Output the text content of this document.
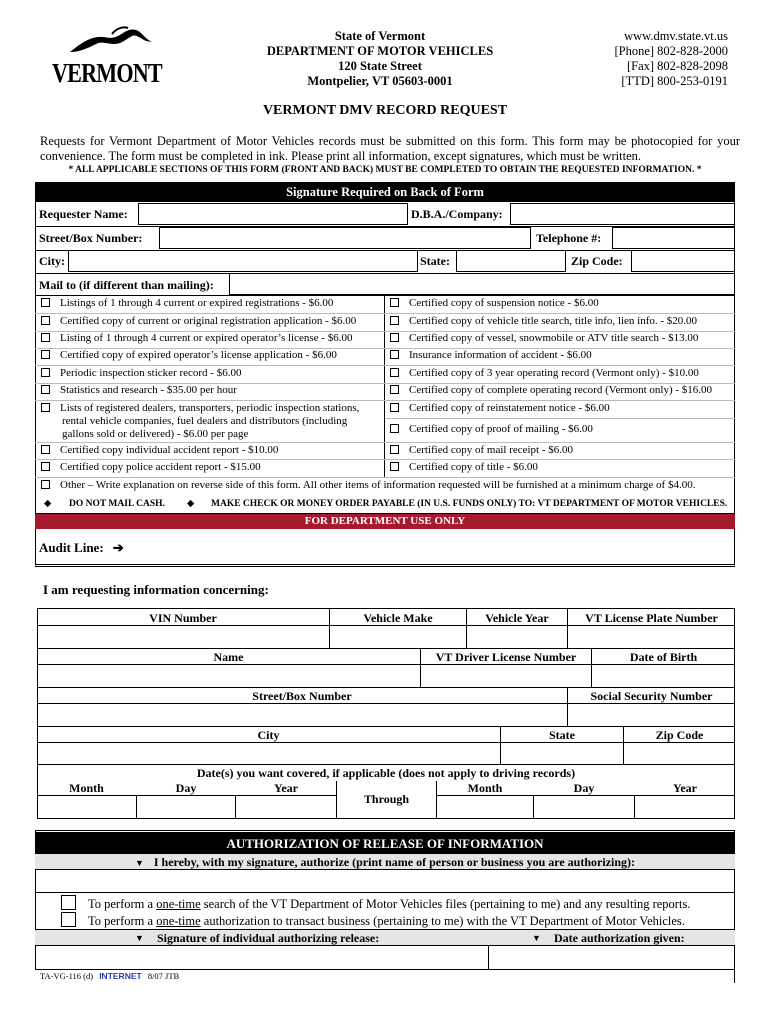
VERMONT
State of Vermont
DEPARTMENT OF MOTOR VEHICLES
120 State Street
Montpelier, VT 05603-0001
www.dmv.state.vt.us
[Phone] 802-828-2000
[Fax] 802-828-2098
[TTD] 800-253-0191
VERMONT DMV RECORD REQUEST
Requests for Vermont Department of Motor Vehicles records must be submitted on this form. This form may be photocopied for your convenience. The form must be completed in ink. Please print all information, except signatures, which must be written.
* ALL APPLICABLE SECTIONS OF THIS FORM (FRONT AND BACK) MUST BE COMPLETED TO OBTAIN THE REQUESTED INFORMATION. *
Signature Required on Back of Form
Requester Name:	D.B.A./Company:
Street/Box Number:	Telephone #:
City:	State:	Zip Code:
Mail to (if different than mailing):
Listings of 1 through 4 current or expired registrations - $6.00
Certified copy of current or original registration application - $6.00
Listing of 1 through 4 current or expired operator’s license - $6.00
Certified copy of expired operator’s license application - $6.00
Periodic inspection sticker record - $6.00
Statistics and research - $35.00 per hour
Lists of registered dealers, transporters, periodic inspection stations,
rental vehicle companies, fuel dealers and distributors (including
gallons sold or delivered) - $6.00 per page
Certified copy individual accident report - $10.00
Certified copy police accident report - $15.00
Other – Write explanation on reverse side of this form. All other items of information requested will be furnished at a minimum charge of $4.00.
Certified copy of suspension notice - $6.00
Certified copy of vehicle title search, title info, lien info. - $20.00
Certified copy of vessel, snowmobile or ATV title search - $13.00
Insurance information of accident - $6.00
Certified copy of 3 year operating record (Vermont only) - $10.00
Certified copy of complete operating record (Vermont only) - $16.00
Certified copy of reinstatement notice - $6.00
Certified copy of proof of mailing - $6.00
Certified copy of mail receipt - $6.00
Certified copy of title - $6.00
◆ DO NOT MAIL CASH. ◆ MAKE CHECK OR MONEY ORDER PAYABLE (IN U.S. FUNDS ONLY) TO: VT DEPARTMENT OF MOTOR VEHICLES.
FOR DEPARTMENT USE ONLY
Audit Line: ➔
I am requesting information concerning:
VIN Number	Vehicle Make	Vehicle Year	VT License Plate Number
Name	VT Driver License Number	Date of Birth
Street/Box Number	Social Security Number
City	State	Zip Code
Date(s) you want covered, if applicable (does not apply to driving records)
Month	Day	Year
Through
Month	Day	Year
AUTHORIZATION OF RELEASE OF INFORMATION
▼ I hereby, with my signature, authorize (print name of person or business you are authorizing):
To perform a one-time search of the VT Department of Motor Vehicles files (pertaining to me) and any resulting reports.
To perform a one-time authorization to transact business (pertaining to me) with the VT Department of Motor Vehicles.
▼ Signature of individual authorizing release:	▼ Date authorization given:
TA-VG-116 (d) INTERNET 8/07 JTB
